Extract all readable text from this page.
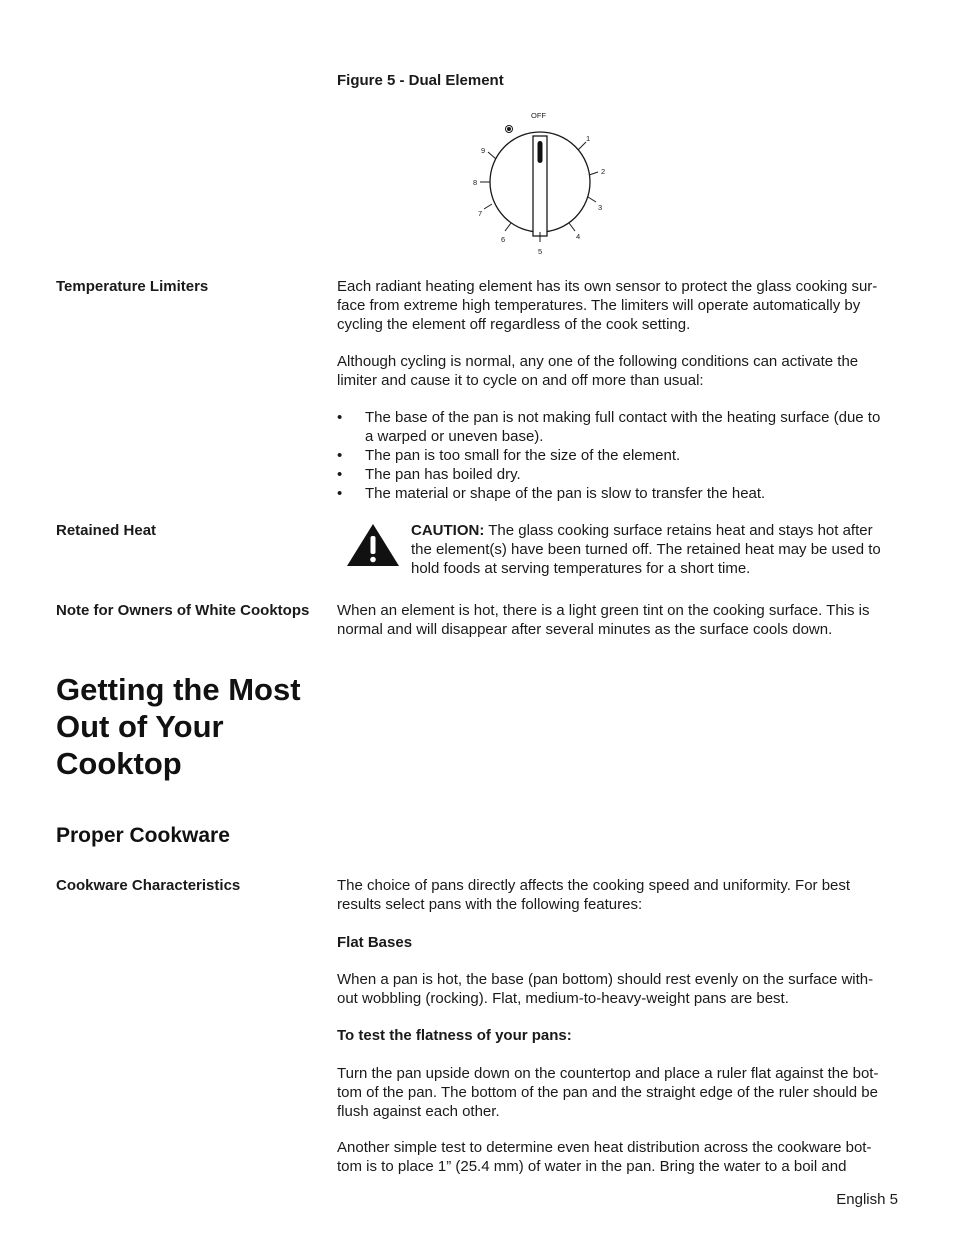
Figure 5 - Dual Element
OFF
1
2
3
4
5
6
7
8
9
Temperature Limiters	Each radiant heating element has its own sensor to protect the glass cooking sur-

face from extreme high temperatures. The limiters will operate automatically by

cycling the element off regardless of the cook setting.

Although cycling is normal, any one of the following conditions can activate the

limiter and cause it to cycle on and off more than usual:

• The base of the pan is not making full contact with the heating surface (due to

a warped or uneven base).

• The pan is too small for the size of the element.

• The pan has boiled dry.

• The material or shape of the pan is slow to transfer the heat.

Retained Heat	CAUTION: The glass cooking surface retains heat and stays hot after

the element(s) have been turned off. The retained heat may be used to

hold foods at serving temperatures for a short time.

Note for Owners of White Cooktops	When an element is hot, there is a light green tint on the cooking surface. This is

normal and will disappear after several minutes as the surface cools down.

Getting the Most
Out of Your
Cooktop
Proper Cookware
Cookware Characteristics	The choice of pans directly affects the cooking speed and uniformity. For best

results select pans with the following features:

Flat Bases

When a pan is hot, the base (pan bottom) should rest evenly on the surface with-

out wobbling (rocking). Flat, medium-to-heavy-weight pans are best.

To test the flatness of your pans:

Turn the pan upside down on the countertop and place a ruler flat against the bot-

tom of the pan. The bottom of the pan and the straight edge of the ruler should be

flush against each other.

Another simple test to determine even heat distribution across the cookware bot-

tom is to place 1” (25.4 mm) of water in the pan. Bring the water to a boil and

English 5
